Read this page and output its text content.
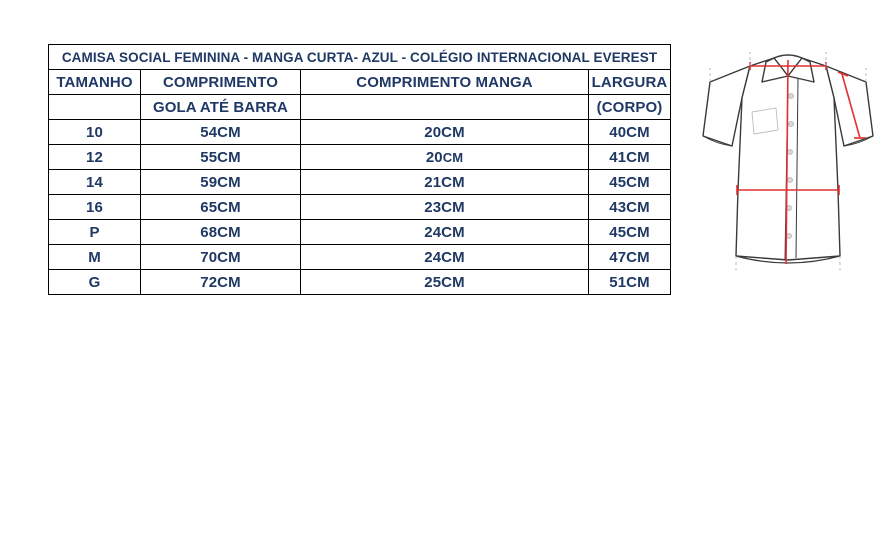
CAMISA SOCIAL FEMININA - MANGA CURTA- AZUL - COLÉGIO INTERNACIONAL EVEREST			
TAMANHO	COMPRIMENTO	COMPRIMENTO MANGA	LARGURA
	GOLA ATÉ BARRA		(CORPO)
10	54CM	20CM	40CM
12	55CM	20CM	41CM
14	59CM	21CM	45CM
16	65CM	23CM	43CM
P	68CM	24CM	45CM
M	70CM	24CM	47CM
G	72CM	25CM	51CM
